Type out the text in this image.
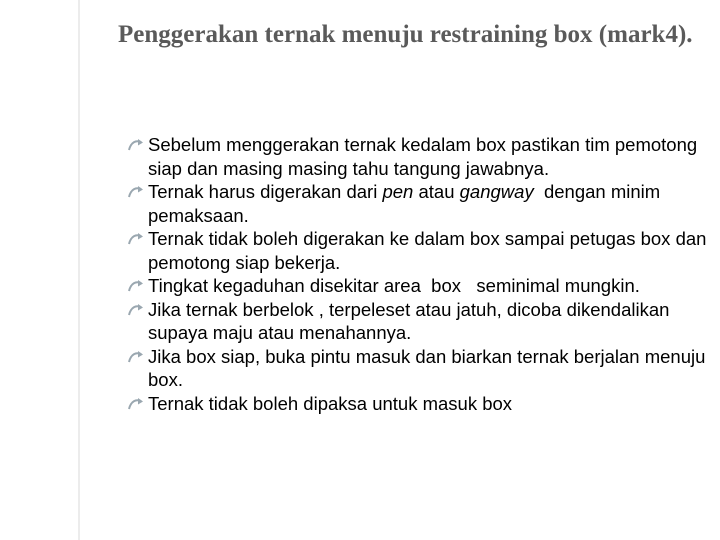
Penggerakan ternak menuju restraining box (mark4).
Sebelum menggerakan ternak kedalam box pastikan tim pemotong siap dan masing masing tahu tangung jawabnya.
Ternak harus digerakan dari pen atau gangway  dengan minim pemaksaan.
Ternak tidak boleh digerakan ke dalam box sampai petugas box dan pemotong siap bekerja.
Tingkat kegaduhan disekitar area  box   seminimal mungkin.
Jika ternak berbelok , terpeleset atau jatuh, dicoba dikendalikan supaya maju atau menahannya.
Jika box siap, buka pintu masuk dan biarkan ternak berjalan menuju box.
Ternak tidak boleh dipaksa untuk masuk box
